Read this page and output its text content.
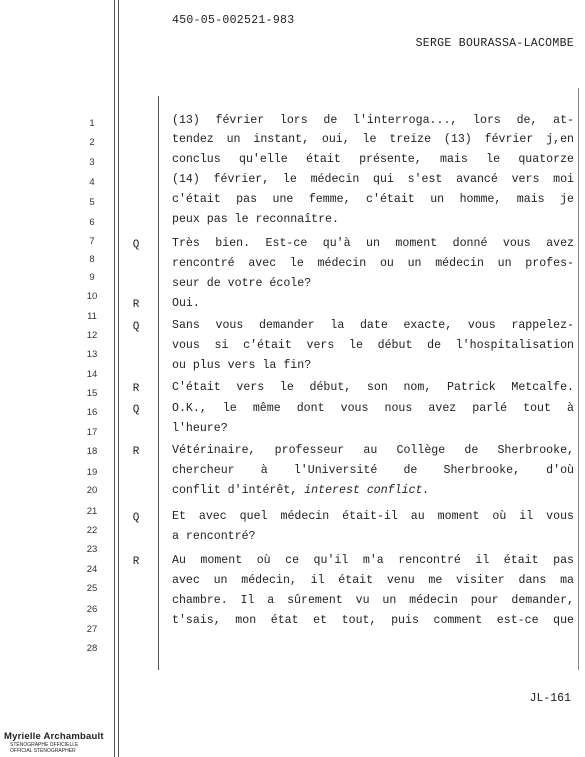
450-05-002521-983
SERGE BOURASSA-LACOMBE
1
2
3
4
5
6
7
8
9
10
11
12
13
14
15
16
17
18
19
20
21
22
23
24
25
26
27
28
Q
R
Q
R
Q
R
Q
R
(13) février lors de l'interroga..., lors de, at-
tendez un instant, oui, le treize (13) février j,en
conclus qu'elle était présente, mais le quatorze
(14) février, le médecin qui s'est avancé vers moi
c'était pas une femme, c'était un homme, mais je
peux pas le reconnaître.
Très bien. Est-ce qu'à un moment donné vous avez
rencontré avec le médecin ou un médecin un profes-
seur de votre école?
Oui.
Sans vous demander la date exacte, vous rappelez-
vous si c'était vers le début de l'hospitalisation
ou plus vers la fin?
C'était vers le début, son nom, Patrick Metcalfe.
O.K., le même dont vous nous avez parlé tout à
l'heure?
Vétérinaire, professeur au Collège de Sherbrooke,
chercheur à l'Université de Sherbrooke, d'où
conflit d'intérêt, interest conflict.
Et avec quel médecin était-il au moment où il vous
a rencontré?
Au moment où ce qu'il m'a rencontré il était pas
avec un médecin, il était venu me visiter dans ma
chambre. Il a sûrement vu un médecin pour demander,
t'sais, mon état et tout, puis comment est-ce que
JL-161
Myrielle Archambault
STÉNOGRAPHE OFFICIELLE
OFFICIAL STENOGRAPHER
